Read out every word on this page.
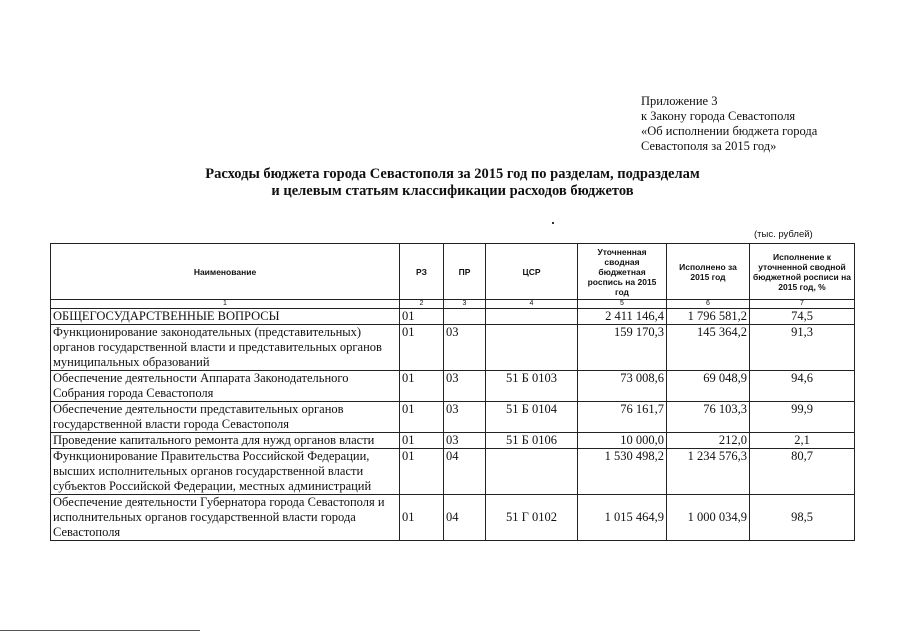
Приложение 3
к Закону города Севастополя
«Об исполнении бюджета города
Севастополя за 2015 год»
Расходы бюджета города Севастополя за 2015 год по разделам, подразделам
и целевым статьям классификации расходов бюджетов
(тыс. рублей)
Наименование	РЗ	ПР	ЦСР	Уточненная сводная бюджетная роспись на 2015 год	Исполнено за 2015 год	Исполнение к уточненной сводной бюджетной росписи на 2015 год, %
1	2	3	4	5	6	7
ОБЩЕГОСУДАРСТВЕННЫЕ ВОПРОСЫ	01			2 411 146,4	1 796 581,2	74,5
Функционирование законодательных (представительных) органов государственной власти и представительных органов муниципальных образований	01	03		159 170,3	145 364,2	91,3
Обеспечение деятельности Аппарата Законодательного Собрания города Севастополя	01	03	51 Б 0103	73 008,6	69 048,9	94,6
Обеспечение деятельности представительных органов государственной власти города Севастополя	01	03	51 Б 0104	76 161,7	76 103,3	99,9
Проведение капитального ремонта для нужд органов власти	01	03	51 Б 0106	10 000,0	212,0	2,1
Функционирование Правительства Российской Федерации, высших исполнительных органов государственной власти субъектов Российской Федерации, местных администраций	01	04		1 530 498,2	1 234 576,3	80,7
Обеспечение деятельности Губернатора города Севастополя и исполнительных органов государственной власти города Севастополя	01	04	51 Г 0102	1 015 464,9	1 000 034,9	98,5
